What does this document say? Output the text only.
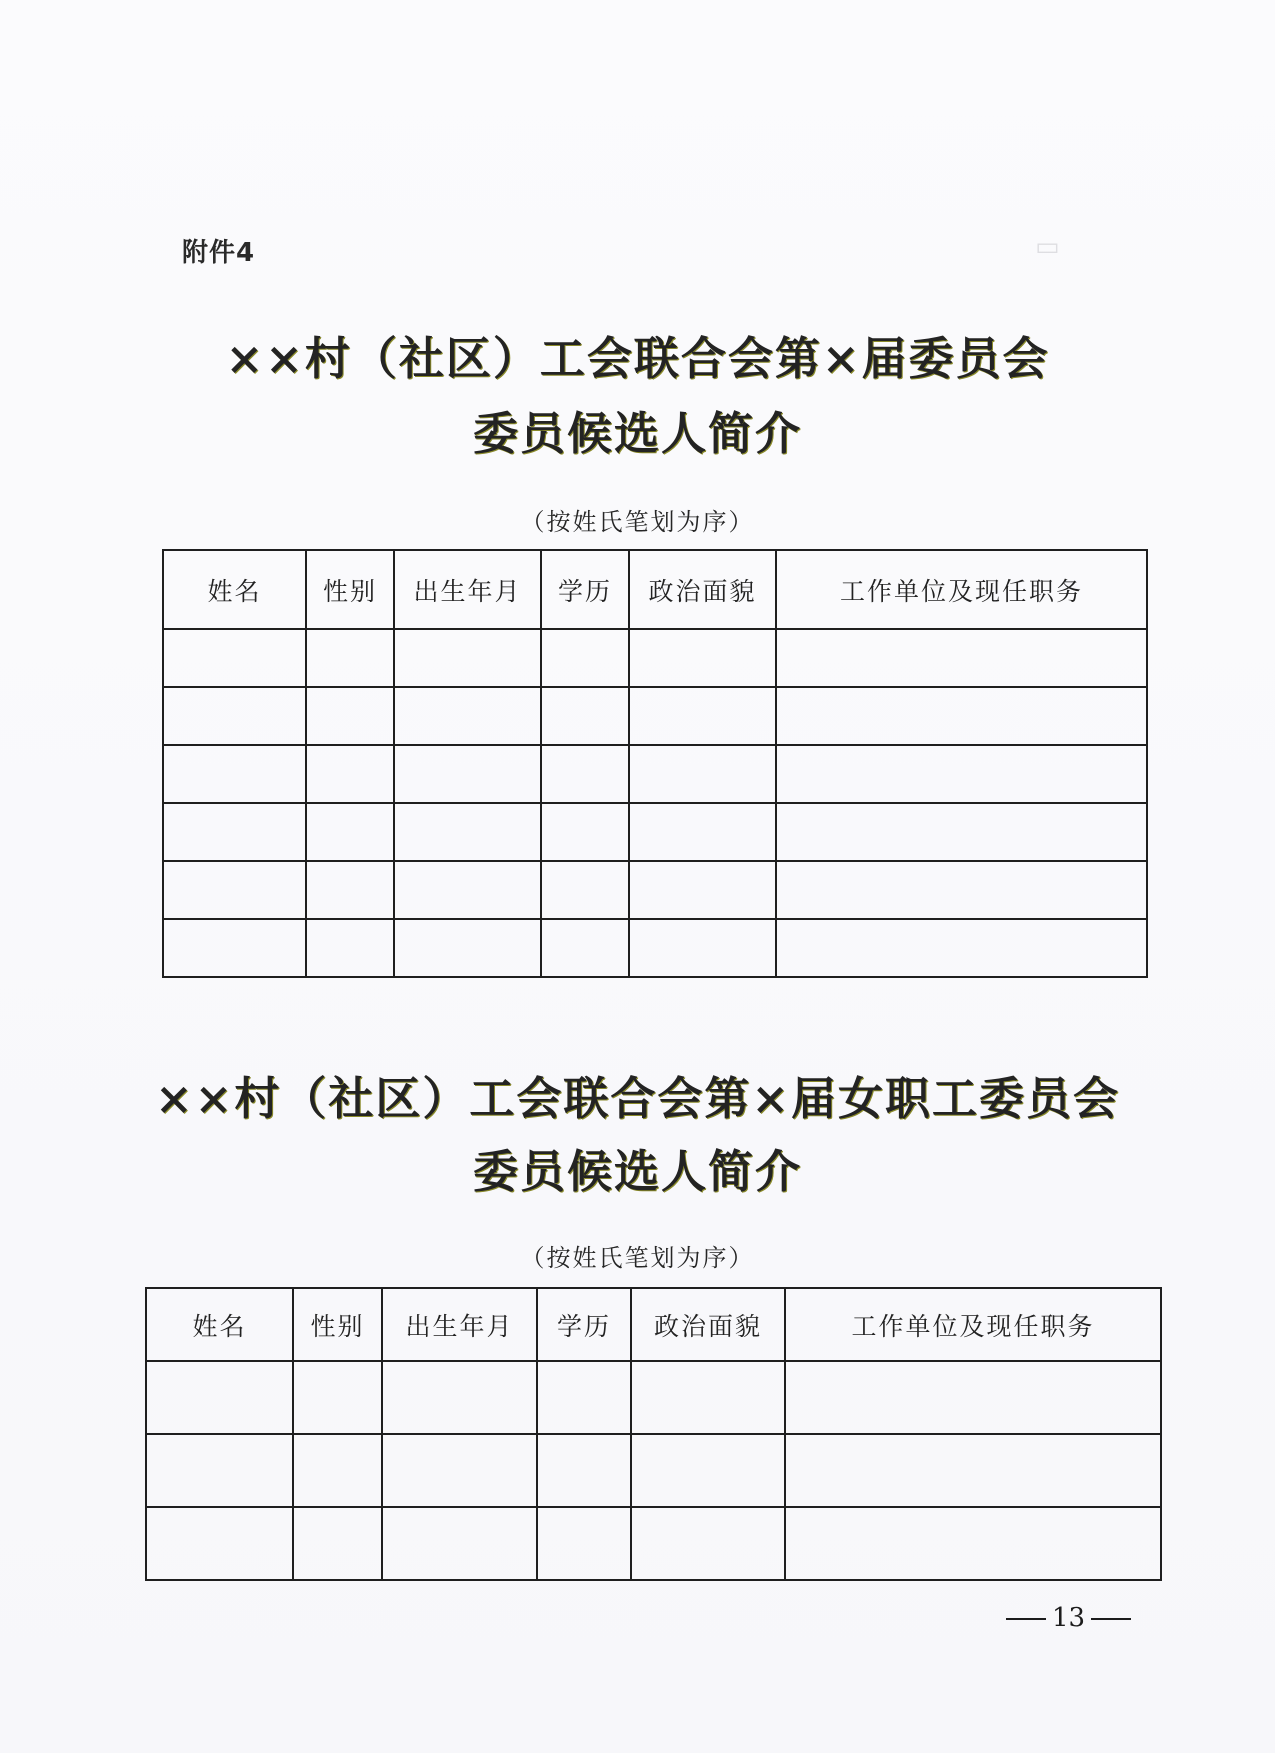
▭
附件4
××村（社区）工会联合会第×届委员会
委员候选人简介
（按姓氏笔划为序）
姓名	性别	出生年月	学历	政治面貌	工作单位及现任职务

××村（社区）工会联合会第×届女职工委员会
委员候选人简介
（按姓氏笔划为序）
姓名	性别	出生年月	学历	政治面貌	工作单位及现任职务

13
